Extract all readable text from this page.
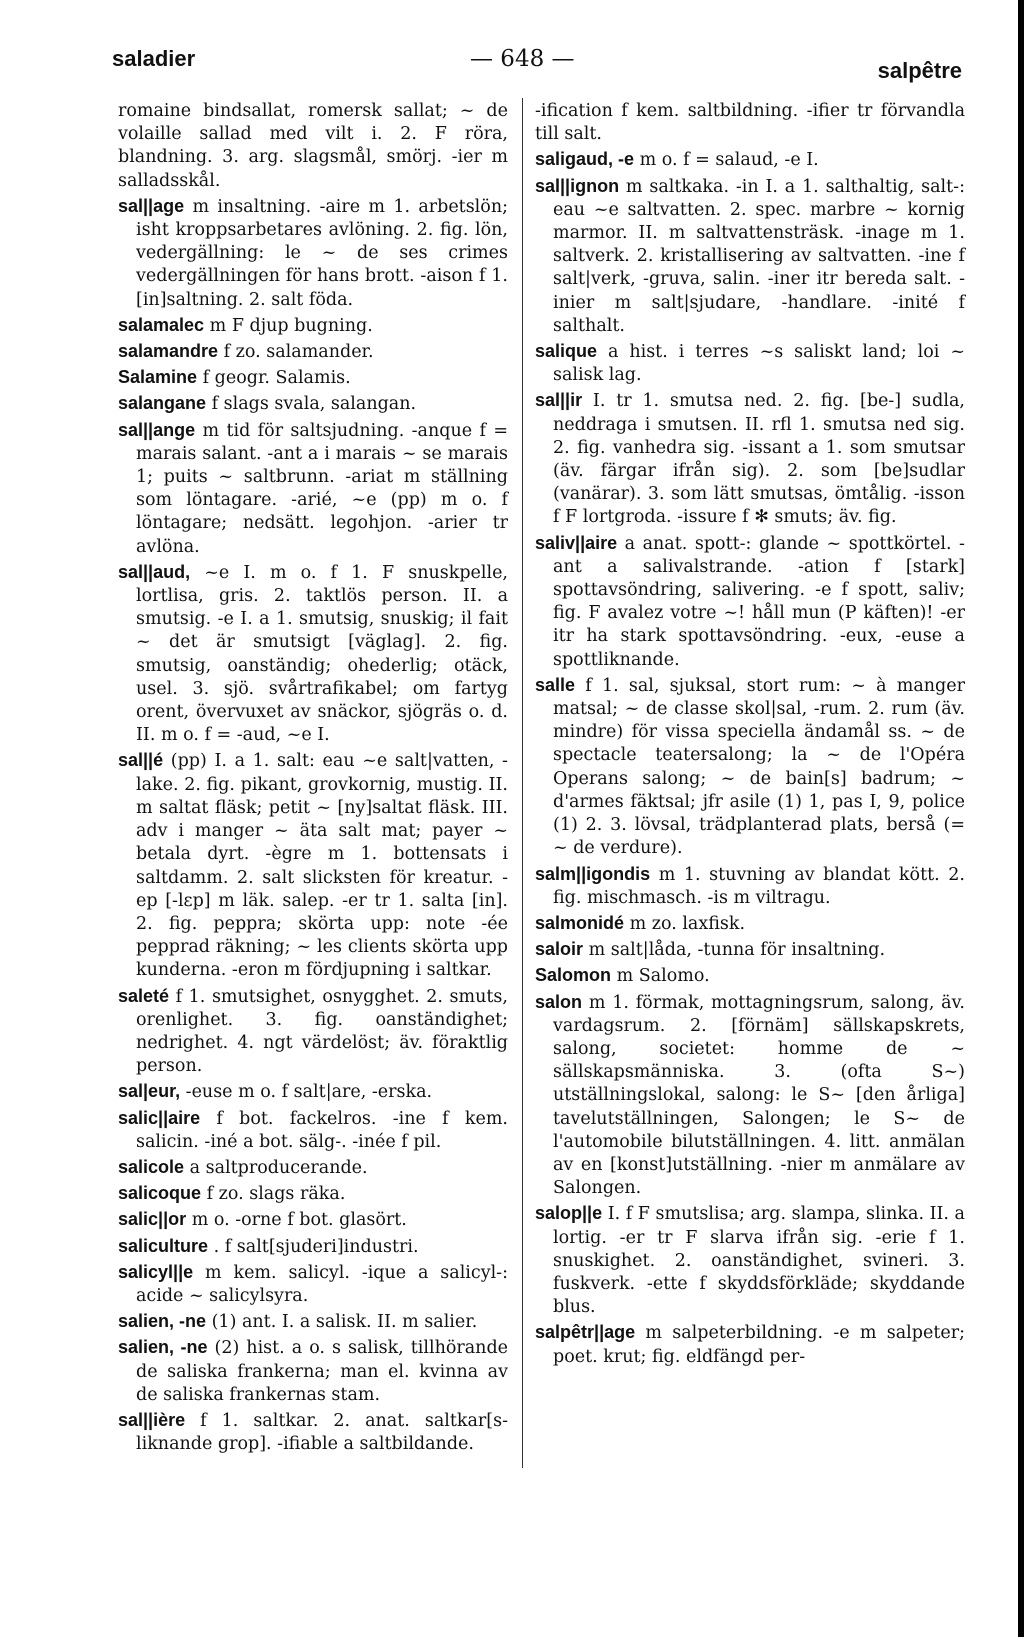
saladier	— 648 —	salpêtre
romaine bindsallat, romersk sallat; ~ de volaille sallad med vilt i. 2. F röra, blandning. 3. arg. slagsmål, smörj. -ier m salladsskål.
sal||age m insaltning. -aire m 1. arbetslön; isht kroppsarbetares avlöning. 2. fig. lön, vedergällning: le ~ de ses crimes vedergällningen för hans brott. -aison f 1. [in]saltning. 2. salt föda.
salamalec m F djup bugning.
salamandre f zo. salamander.
Salamine f geogr. Salamis.
salangane f slags svala, salangan.
sal||ange m tid för saltsjudning. -anque f = marais salant. -ant a i marais ~ se marais 1; puits ~ saltbrunn. -ariat m ställning som löntagare. -arié, ~e (pp) m o. f löntagare; nedsätt. legohjon. -arier tr avlöna.
sal||aud, ~e I. m o. f 1. F snuskpelle, lortlisa, gris. 2. taktlös person. II. a smutsig. -e I. a 1. smutsig, snuskig; il fait ~ det är smutsigt [väglag]. 2. fig. smutsig, oanständig; ohederlig; otäck, usel. 3. sjö. svårtrafikabel; om fartyg orent, övervuxet av snäckor, sjögräs o. d. II. m o. f = -aud, ~e I.
sal||é (pp) I. a 1. salt: eau ~e salt|vatten, -lake. 2. fig. pikant, grovkornig, mustig. II. m saltat fläsk; petit ~ [ny]saltat fläsk. III. adv i manger ~ äta salt mat; payer ~ betala dyrt. -ègre m 1. bottensats i saltdamm. 2. salt slicksten för kreatur. -ep [-lɛp] m läk. salep. -er tr 1. salta [in]. 2. fig. peppra; skörta upp: note -ée pepprad räkning; ~ les clients skörta upp kunderna. -eron m fördjupning i saltkar.
saleté f 1. smutsighet, osnygghet. 2. smuts, orenlighet. 3. fig. oanständighet; nedrighet. 4. ngt värdelöst; äv. föraktlig person.
sal|eur, -euse m o. f salt|are, -erska.
salic||aire f bot. fackelros. -ine f kem. salicin. -iné a bot. sälg-. -inée f pil.
salicole a saltproducerande.
salicoque f zo. slags räka.
salic||or m o. -orne f bot. glasört.
saliculture . f salt[sjuderi]industri.
salicyl||e m kem. salicyl. -ique a salicyl-: acide ~ salicylsyra.
salien, -ne (1) ant. I. a salisk. II. m salier.
salien, -ne (2) hist. a o. s salisk, tillhörande de saliska frankerna; man el. kvinna av de saliska frankernas stam.
sal||ière f 1. saltkar. 2. anat. saltkar[s-liknande grop]. -ifiable a saltbildande.
-ification f kem. saltbildning. -ifier tr förvandla till salt.
saligaud, -e m o. f = salaud, -e I.
sal||ignon m saltkaka. -in I. a 1. salthaltig, salt-: eau ~e saltvatten. 2. spec. marbre ~ kornig marmor. II. m saltvattensträsk. -inage m 1. saltverk. 2. kristallisering av saltvatten. -ine f salt|verk, -gruva, salin. -iner itr bereda salt. -inier m salt|sjudare, -handlare. -inité f salthalt.
salique a hist. i terres ~s saliskt land; loi ~ salisk lag.
sal||ir I. tr 1. smutsa ned. 2. fig. [be-] sudla, neddraga i smutsen. II. rfl 1. smutsa ned sig. 2. fig. vanhedra sig. -issant a 1. som smutsar (äv. färgar ifrån sig). 2. som [be]sudlar (vanärar). 3. som lätt smutsas, ömtålig. -isson f F lortgroda. -issure f ✻ smuts; äv. fig.
saliv||aire a anat. spott-: glande ~ spottkörtel. -ant a salivalstrande. -ation f [stark] spottavsöndring, salivering. -e f spott, saliv; fig. F avalez votre ~! håll mun (P käften)! -er itr ha stark spottavsöndring. -eux, -euse a spottliknande.
salle f 1. sal, sjuksal, stort rum: ~ à manger matsal; ~ de classe skol|sal, -rum. 2. rum (äv. mindre) för vissa speciella ändamål ss. ~ de spectacle teatersalong; la ~ de l'Opéra Operans salong; ~ de bain[s] badrum; ~ d'armes fäktsal; jfr asile (1) 1, pas I, 9, police (1) 2. 3. lövsal, trädplanterad plats, berså (= ~ de verdure).
salm||igondis m 1. stuvning av blandat kött. 2. fig. mischmasch. -is m viltragu.
salmonidé m zo. laxfisk.
saloir m salt|låda, -tunna för insaltning.
Salomon m Salomo.
salon m 1. förmak, mottagningsrum, salong, äv. vardagsrum. 2. [förnäm] sällskapskrets, salong, societet: homme de ~ sällskapsmänniska. 3. (ofta S~) utställningslokal, salong: le S~ [den årliga] tavelutställningen, Salongen; le S~ de l'automobile bilutställningen. 4. litt. anmälan av en [konst]utställning. -nier m anmälare av Salongen.
salop||e I. f F smutslisa; arg. slampa, slinka. II. a lortig. -er tr F slarva ifrån sig. -erie f 1. snuskighet. 2. oanständighet, svineri. 3. fuskverk. -ette f skyddsförkläde; skyddande blus.
salpêtr||age m salpeterbildning. -e m salpeter; poet. krut; fig. eldfängd per-
